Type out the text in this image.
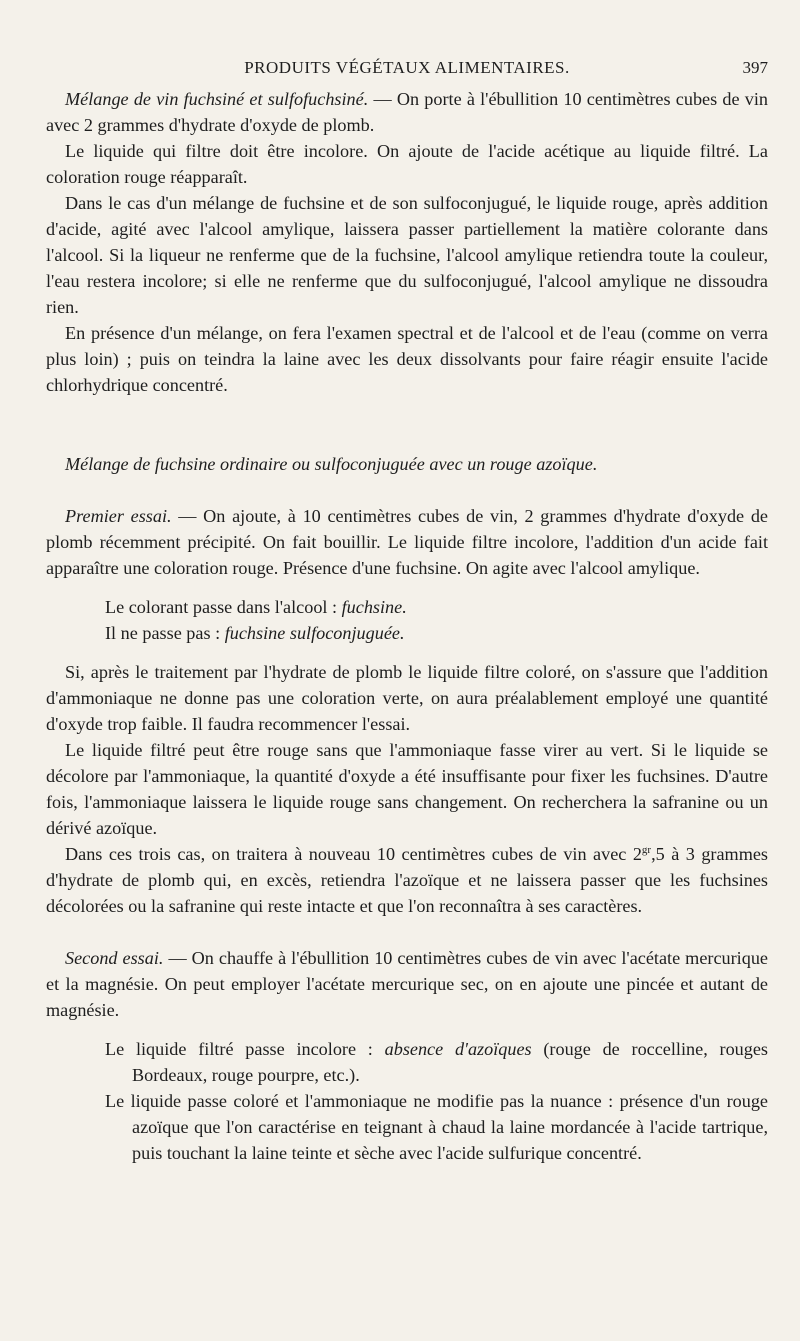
PRODUITS VÉGÉTAUX ALIMENTAIRES.	397

Mélange de vin fuchsiné et sulfofuchsiné. — On porte à l'ébullition 10 centimètres cubes de vin avec 2 grammes d'hydrate d'oxyde de plomb.

Le liquide qui filtre doit être incolore. On ajoute de l'acide acétique au liquide filtré. La coloration rouge réapparaît.

Dans le cas d'un mélange de fuchsine et de son sulfoconjugué, le liquide rouge, après addition d'acide, agité avec l'alcool amylique, laissera passer partiellement la matière colorante dans l'alcool. Si la liqueur ne renferme que de la fuchsine, l'alcool amylique retiendra toute la couleur, l'eau restera incolore; si elle ne renferme que du sulfoconjugué, l'alcool amylique ne dissoudra rien.

En présence d'un mélange, on fera l'examen spectral et de l'alcool et de l'eau (comme on verra plus loin) ; puis on teindra la laine avec les deux dissolvants pour faire réagir ensuite l'acide chlorhydrique concentré.

Mélange de fuchsine ordinaire ou sulfoconjuguée avec un rouge azoïque.

Premier essai. — On ajoute, à 10 centimètres cubes de vin, 2 grammes d'hydrate d'oxyde de plomb récemment précipité. On fait bouillir. Le liquide filtre incolore, l'addition d'un acide fait apparaître une coloration rouge. Présence d'une fuchsine. On agite avec l'alcool amylique.

Le colorant passe dans l'alcool : fuchsine.

Il ne passe pas : fuchsine sulfoconjuguée.

Si, après le traitement par l'hydrate de plomb le liquide filtre coloré, on s'assure que l'addition d'ammoniaque ne donne pas une coloration verte, on aura préalablement employé une quantité d'oxyde trop faible. Il faudra recommencer l'essai.

Le liquide filtré peut être rouge sans que l'ammoniaque fasse virer au vert. Si le liquide se décolore par l'ammoniaque, la quantité d'oxyde a été insuffisante pour fixer les fuchsines. D'autre fois, l'ammoniaque laissera le liquide rouge sans changement. On recherchera la safranine ou un dérivé azoïque.

Dans ces trois cas, on traitera à nouveau 10 centimètres cubes de vin avec $2^{gr},5$ à 3 grammes d'hydrate de plomb qui, en excès, retiendra l'azoïque et ne laissera passer que les fuchsines décolorées ou la safranine qui reste intacte et que l'on reconnaîtra à ses caractères.

Second essai. — On chauffe à l'ébullition 10 centimètres cubes de vin avec l'acétate mercurique et la magnésie. On peut employer l'acétate mercurique sec, on en ajoute une pincée et autant de magnésie.

Le liquide filtré passe incolore : absence d'azoïques (rouge de roccelline, rouges Bordeaux, rouge pourpre, etc.).

Le liquide passe coloré et l'ammoniaque ne modifie pas la nuance : présence d'un rouge azoïque que l'on caractérise en teignant à chaud la laine mordancée à l'acide tartrique, puis touchant la laine teinte et sèche avec l'acide sulfurique concentré.
